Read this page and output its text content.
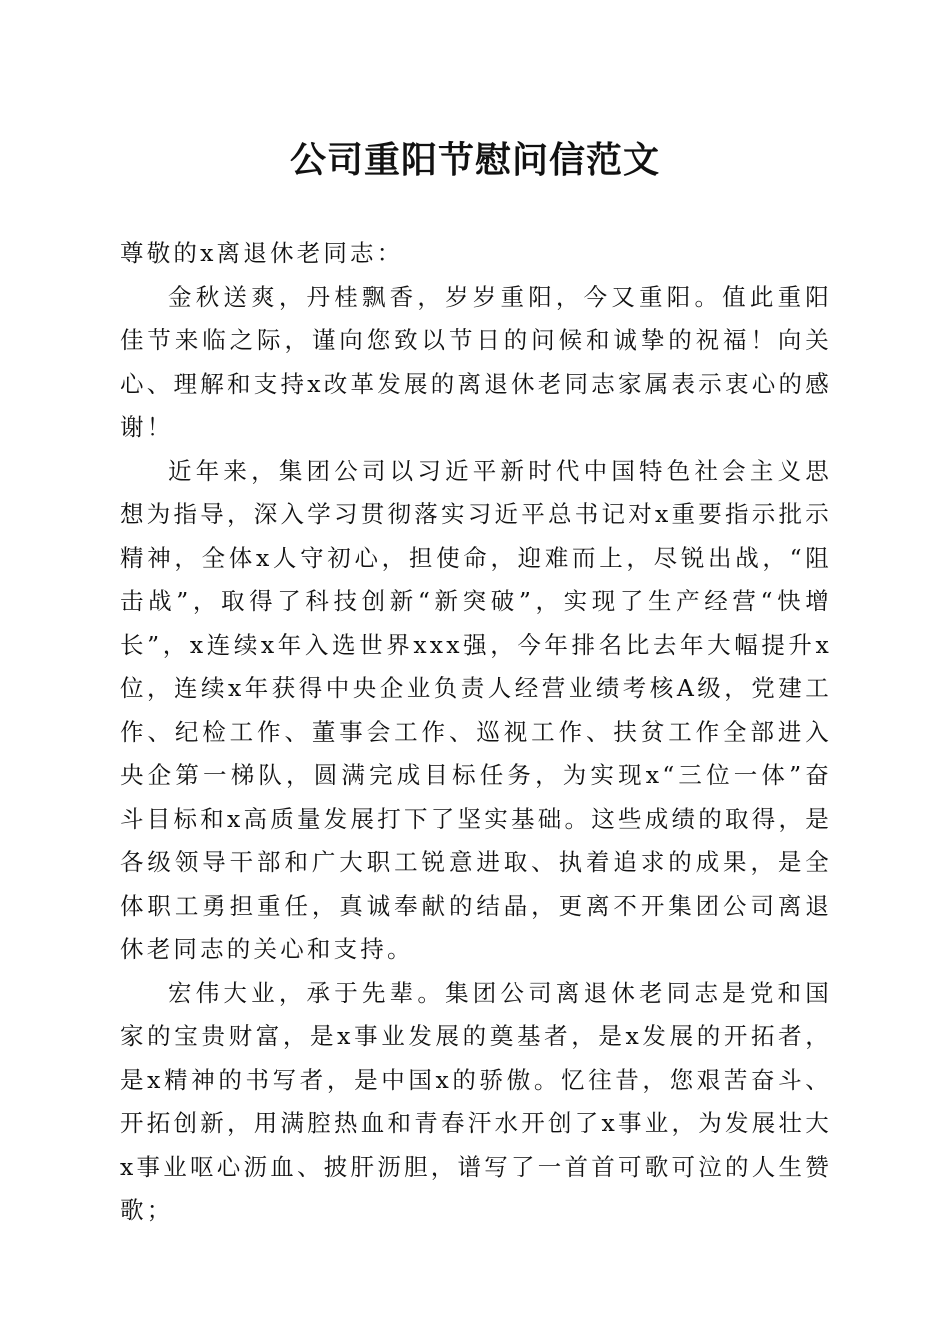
公司重阳节慰问信范文

尊敬的x离退休老同志：

金秋送爽，丹桂飘香，岁岁重阳，今又重阳。值此重阳佳节来临之际，谨向您致以节日的问候和诚挚的祝福！向关心、理解和支持x改革发展的离退休老同志家属表示衷心的感谢！

近年来，集团公司以习近平新时代中国特色社会主义思想为指导，深入学习贯彻落实习近平总书记对x重要指示批示精神，全体x人守初心，担使命，迎难而上，尽锐出战，“阻击战”，取得了科技创新“新突破”，实现了生产经营“快增长”，x连续x年入选世界xxx强，今年排名比去年大幅提升x位，连续x年获得中央企业负责人经营业绩考核A级，党建工作、纪检工作、董事会工作、巡视工作、扶贫工作全部进入央企第一梯队，圆满完成目标任务，为实现x“三位一体”奋斗目标和x高质量发展打下了坚实基础。这些成绩的取得，是各级领导干部和广大职工锐意进取、执着追求的成果，是全体职工勇担重任，真诚奉献的结晶，更离不开集团公司离退休老同志的关心和支持。

宏伟大业，承于先辈。集团公司离退休老同志是党和国家的宝贵财富，是x事业发展的奠基者，是x发展的开拓者，是x精神的书写者，是中国x的骄傲。忆往昔，您艰苦奋斗、开拓创新，用满腔热血和青春汗水开创了x事业，为发展壮大x事业呕心沥血、披肝沥胆，谱写了一首首可歌可泣的人生赞歌；
